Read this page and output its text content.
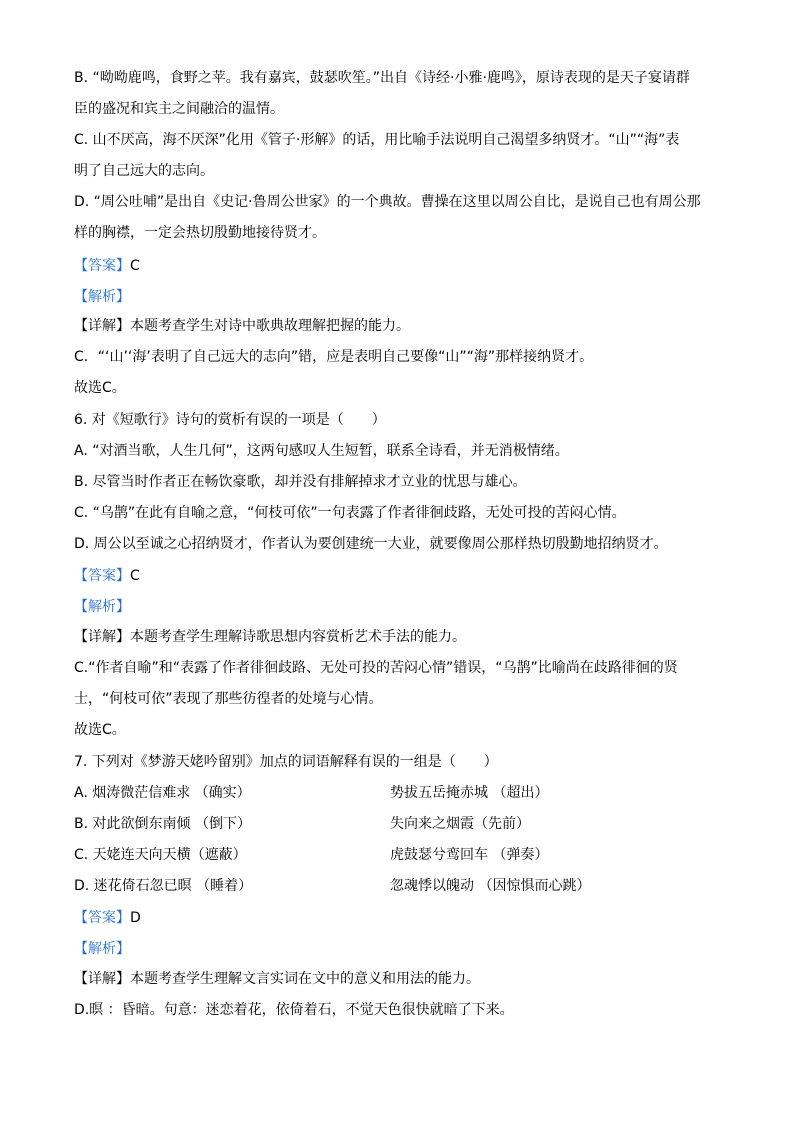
B. “呦呦鹿鸣，食野之苹。我有嘉宾，鼓瑟吹笙。”出自《诗经·小雅·鹿鸣》，原诗表现的是天子宴请群
臣的盛况和宾主之间融洽的温情。
C. 山不厌高，海不厌深”化用《管子·形解》的话，用比喻手法说明自己渴望多纳贤才。“山”“海”表
明了自己远大的志向。
D. “周公吐哺”是出自《史记·鲁周公世家》的一个典故。曹操在这里以周公自比，是说自己也有周公那
样的胸襟，一定会热切殷勤地接待贤才。
【答案】C
【解析】
【详解】本题考查学生对诗中歌典故理解把握的能力。
C．“‘山’‘海’表明了自己远大的志向”错，应是表明自己要像“山”“海”那样接纳贤才。
故选C。
6. 对《短歌行》诗句的赏析有误的一项是（　　）
A. “对酒当歌，人生几何”，这两句感叹人生短暂，联系全诗看，并无消极情绪。
B. 尽管当时作者正在畅饮豪歌，却并没有排解掉求才立业的忧思与雄心。
C. “乌鹊”在此有自喻之意，“何枝可依”一句表露了作者徘徊歧路，无处可投的苦闷心情。
D. 周公以至诚之心招纳贤才，作者认为要创建统一大业，就要像周公那样热切殷勤地招纳贤才。
【答案】C
【解析】
【详解】本题考查学生理解诗歌思想内容赏析艺术手法的能力。
C.“作者自喻”和“表露了作者徘徊歧路、无处可投的苦闷心情”错误，“乌鹊”比喻尚在歧路徘徊的贤
士，“何枝可依”表现了那些彷徨者的处境与心情。
故选C。
7. 下列对《梦游天姥吟留别》加点的词语解释有误的一组是（　　）
A. 烟涛微茫信难求 （确实）	势拔五岳掩赤城 （超出）
B. 对此欲倒东南倾 （倒下）	失向来之烟霞（先前）
C. 天姥连天向天横（遮蔽）	虎鼓瑟兮鸾回车 （弹奏）
D. 迷花倚石忽已暝 （睡着）	忽魂悸以魄动 （因惊惧而心跳）
【答案】D
【解析】
【详解】本题考查学生理解文言实词在文中的意义和用法的能力。
D.暝 ：昏暗。句意：迷恋着花，依倚着石，不觉天色很快就暗了下来。
